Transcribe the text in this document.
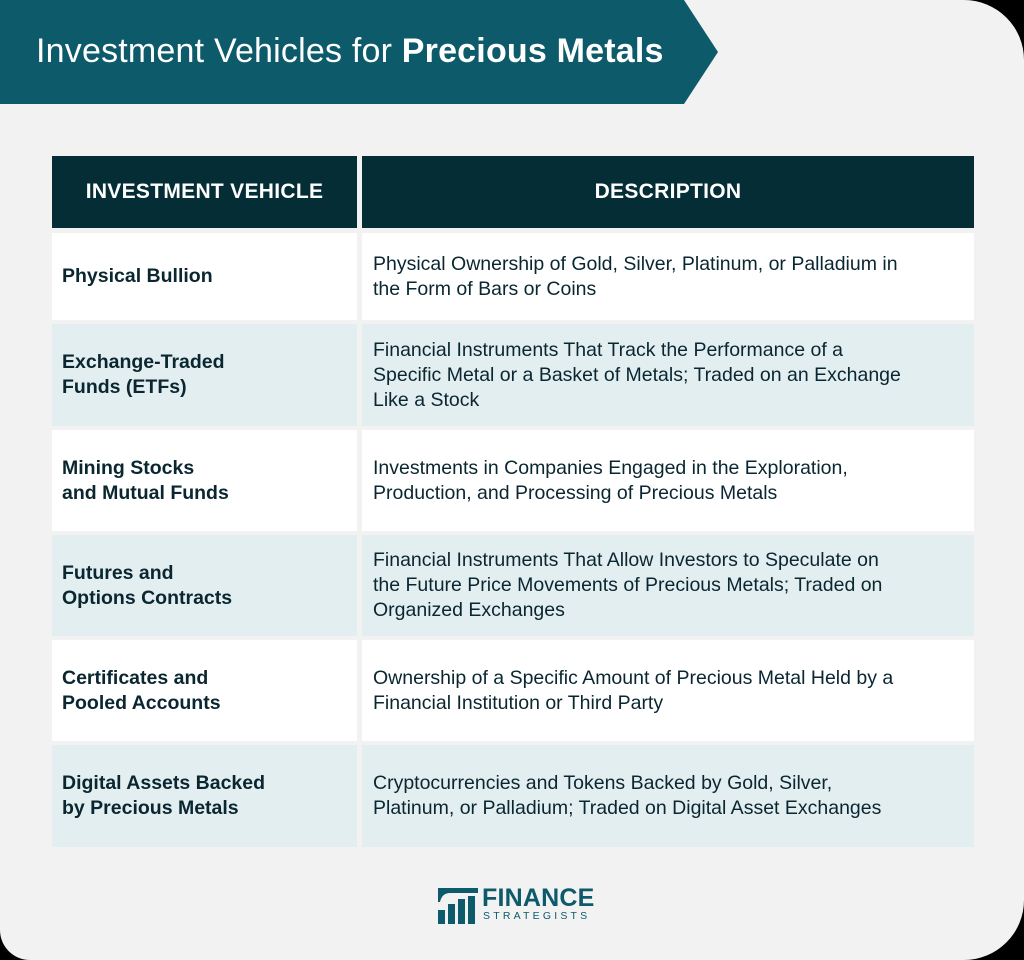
Investment Vehicles for Precious Metals
INVESTMENT VEHICLE	DESCRIPTION
Physical Bullion
Physical Ownership of Gold, Silver, Platinum, or Palladium in
the Form of Bars or Coins
Exchange-Traded
Funds (ETFs)
Financial Instruments That Track the Performance of a
Specific Metal or a Basket of Metals; Traded on an Exchange
Like a Stock
Mining Stocks
and Mutual Funds
Investments in Companies Engaged in the Exploration,
Production, and Processing of Precious Metals
Futures and
Options Contracts
Financial Instruments That Allow Investors to Speculate on
the Future Price Movements of Precious Metals; Traded on
Organized Exchanges
Certificates and
Pooled Accounts
Ownership of a Specific Amount of Precious Metal Held by a
Financial Institution or Third Party
Digital Assets Backed
by Precious Metals
Cryptocurrencies and Tokens Backed by Gold, Silver,
Platinum, or Palladium; Traded on Digital Asset Exchanges
FINANCE
STRATEGISTS
